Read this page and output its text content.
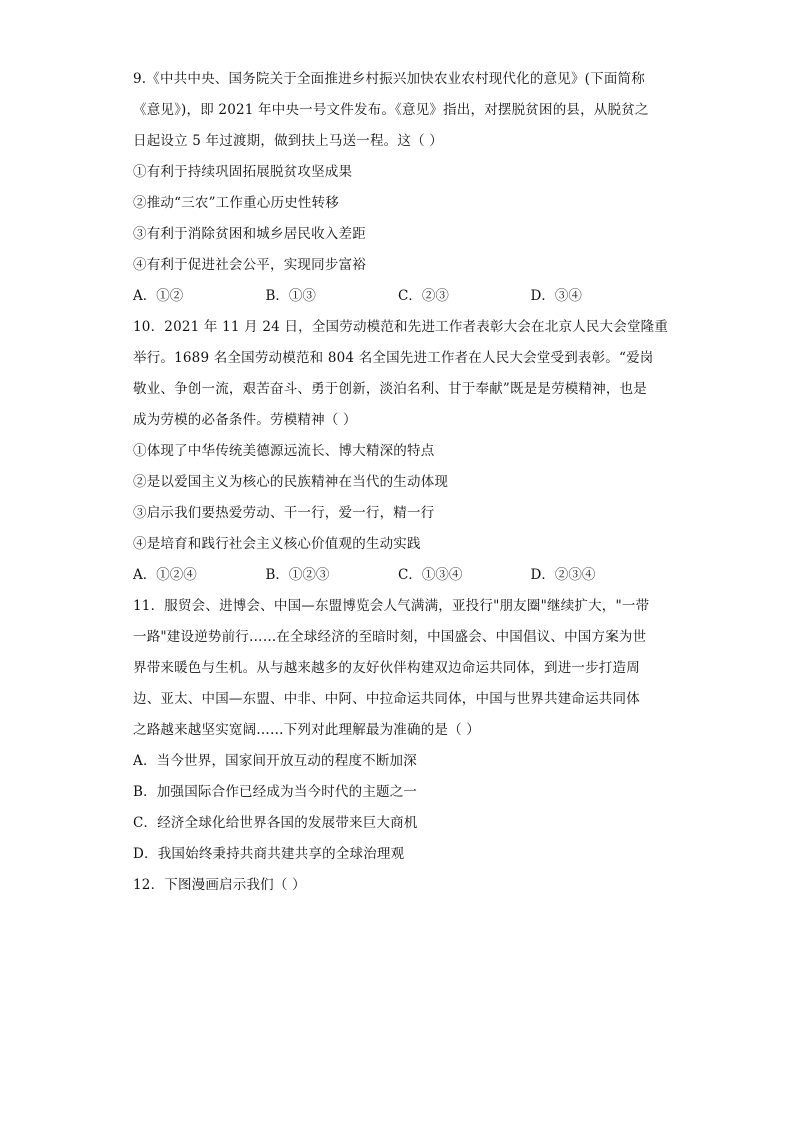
9.《中共中央、国务院关于全面推进乡村振兴加快农业农村现代化的意见》(下面简称
《意见》)，即 2021 年中央一号文件发布。《意见》指出，对摆脱贫困的县，从脱贫之
日起设立 5 年过渡期，做到扶上马送一程。这（ ）
①有利于持续巩固拓展脱贫攻坚成果
②推动“三农”工作重心历史性转移
③有利于消除贫困和城乡居民收入差距
④有利于促进社会公平，实现同步富裕
A．①②	B．①③	C．②③	D．③④
10．2021 年 11 月 24 日，全国劳动模范和先进工作者表彰大会在北京人民大会堂隆重
举行。1689 名全国劳动模范和 804 名全国先进工作者在人民大会堂受到表彰。“爱岗
敬业、争创一流，艰苦奋斗、勇于创新，淡泊名利、甘于奉献”既是是劳模精神，也是
成为劳模的必备条件。劳模精神（ ）
①体现了中华传统美德源远流长、博大精深的特点
②是以爱国主义为核心的民族精神在当代的生动体现
③启示我们要热爱劳动、干一行，爱一行，精一行
④是培育和践行社会主义核心价值观的生动实践
A．①②④	B．①②③	C．①③④	D．②③④
11．服贸会、进博会、中国—东盟博览会人气满满，亚投行"朋友圈"继续扩大，"一带
一路"建设逆势前行……在全球经济的至暗时刻，中国盛会、中国倡议、中国方案为世
界带来暖色与生机。从与越来越多的友好伙伴构建双边命运共同体，到进一步打造周
边、亚太、中国—东盟、中非、中阿、中拉命运共同体，中国与世界共建命运共同体
之路越来越坚实宽阔……下列对此理解最为准确的是（ ）
A．当今世界，国家间开放互动的程度不断加深
B．加强国际合作已经成为当今时代的主题之一
C．经济全球化给世界各国的发展带来巨大商机
D．我国始终秉持共商共建共享的全球治理观
12．下图漫画启示我们（ ）
